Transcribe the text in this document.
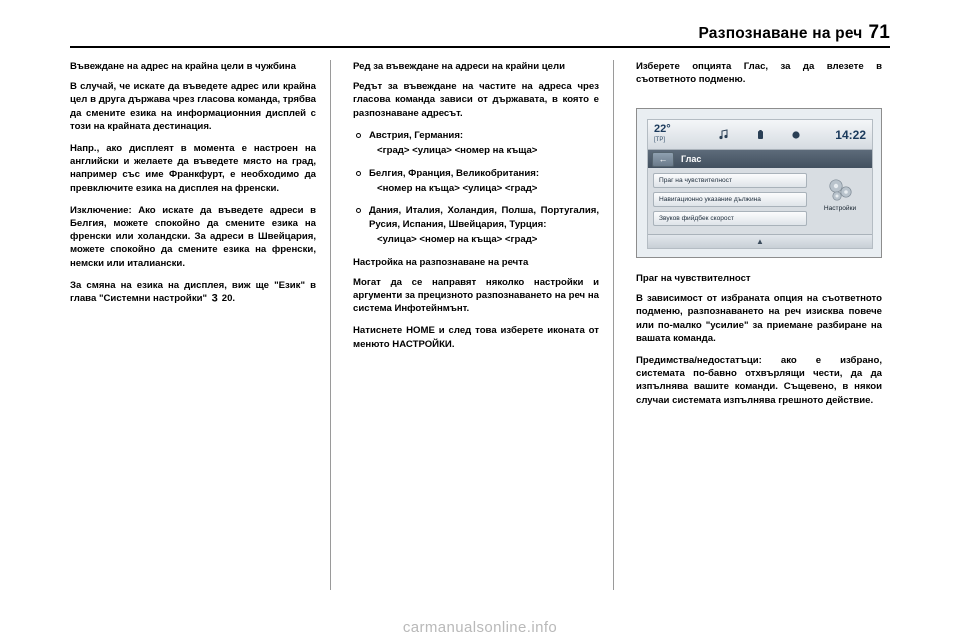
Разпознаване на реч 71

Въвеждане на адрес на крайна цели в чужбина

В случай, че искате да въведете адрес или крайна цел в друга държава чрез гласова команда, трябва да смените езика на информационния дисплей с този на крайната дестинация.

Напр., ако дисплеят в момента е настроен на английски и желаете да въведете място на град, например със име Франкфурт, е необходимо да превключите езика на дисплея на френски.

Изключение: Ако искате да въведете адреси в Белгия, можете спокойно да смените езика на френски или холандски. За адреси в Швейцария, можете спокойно да смените езика на френски, немски или италиански.

За смяна на езика на дисплея, виж ще "Език" в глава "Системни настройки" 3 20.

Ред за въвеждане на адреси на крайни цели

Редът за въвеждане на частите на адреса чрез гласова команда зависи от държавата, в която е разпознаване адресът.

Австрия, Германия:
<град> <улица> <номер на къща>
Белгия, Франция, Великобритания:
<номер на къща> <улица> <град>
Дания, Италия, Холандия, Полша, Португалия, Русия, Испания, Швейцария, Турция:
<улица> <номер на къща> <град>

Настройка на разпознаване на речта

Могат да се направят няколко настройки и аргументи за прецизното разпознаването на реч на система Инфотейнмънт.

Натиснете HOME и след това изберете иконата от менюто НАСТРОЙКИ.

Изберете опцията Глас, за да влезете в съответното подменю.

22°
[TP]	14:22
←	Глас
Праг на чувствителност
Навигационно указание дължина
Звуков фийдбек скорост
Настройки
▲

Праг на чувствителност

В зависимост от избраната опция на съответното подменю, разпознаването на реч изисква повече или по-малко "усилие" за приемане разбиране на вашата команда.

Предимства/недостатъци: ако е избрано, системата по-бавно отхвърлящи чести, да да изпълнява вашите команди. Същевено, в някои случаи системата изпълнява грешното действие.

carmanualsonline.info
